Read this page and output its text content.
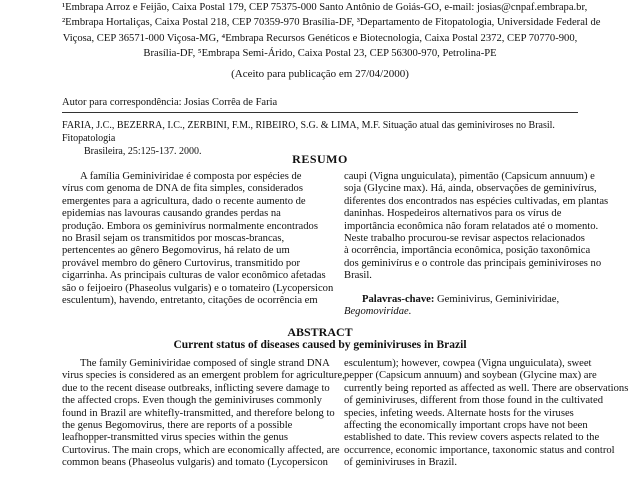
¹Embrapa Arroz e Feijão, Caixa Postal 179, CEP 75375-000 Santo Antônio de Goiás-GO, e-mail: josias@cnpaf.embrapa.br,
²Embrapa Hortaliças, Caixa Postal 218, CEP 70359-970 Brasília-DF, ³Departamento de Fitopatologia, Universidade Federal de
Viçosa, CEP 36571-000 Viçosa-MG, ⁴Embrapa Recursos Genéticos e Biotecnologia, Caixa Postal 2372, CEP 70770-900,
Brasília-DF, ⁵Embrapa Semi-Árido, Caixa Postal 23, CEP 56300-970, Petrolina-PE
(Aceito para publicação em 27/04/2000)
Autor para correspondência: Josias Corrêa de Faria
FARIA, J.C., BEZERRA, I.C., ZERBINI, F.M., RIBEIRO, S.G. & LIMA, M.F. Situação atual das geminiviroses no Brasil. Fitopatologia
Brasileira, 25:125-137. 2000.
RESUMO
A família Geminiviridae é composta por espécies de
vírus com genoma de DNA de fita simples, considerados
emergentes para a agricultura, dado o recente aumento de
epidemias nas lavouras causando grandes perdas na
produção. Embora os geminivírus normalmente encontrados
no Brasil sejam os transmitidos por moscas-brancas,
pertencentes ao gênero Begomovirus, há relato de um
provável membro do gênero Curtovirus, transmitido por
cigarrinha. As principais culturas de valor econômico afetadas
são o feijoeiro (Phaseolus vulgaris) e o tomateiro (Lycopersicon
esculentum), havendo, entretanto, citações de ocorrência em
caupi (Vigna unguiculata), pimentão (Capsicum annuum) e
soja (Glycine max). Há, ainda, observações de geminivírus,
diferentes dos encontrados nas espécies cultivadas, em plantas
daninhas. Hospedeiros alternativos para os vírus de
importância econômica não foram relatados até o momento.
Neste trabalho procurou-se revisar aspectos relacionados
à ocorrência, importância econômica, posição taxonômica
dos geminivírus e o controle das principais geminiviroses no
Brasil.
Palavras-chave: Geminivirus, Geminiviridae,
Begomoviridae.
ABSTRACT
Current status of diseases caused by geminiviruses in Brazil
The family Geminiviridae composed of single strand DNA
virus species is considered as an emergent problem for agriculture,
due to the recent disease outbreaks, inflicting severe damage to
the affected crops. Even though the geminiviruses commonly
found in Brazil are whitefly-transmitted, and therefore belong to
the genus Begomovirus, there are reports of a possible
leafhopper-transmitted virus species within the genus
Curtovirus. The main crops, which are economically affected, are
common beans (Phaseolus vulgaris) and tomato (Lycopersicon
esculentum); however, cowpea (Vigna unguiculata), sweet
pepper (Capsicum annuum) and soybean (Glycine max) are
currently being reported as affected as well. There are observations
of geminiviruses, different from those found in the cultivated
species, infeting weeds. Alternate hosts for the viruses
affecting the economically important crops have not been
established to date. This review covers aspects related to the
occurrence, economic importance, taxonomic status and control
of geminiviruses in Brazil.
